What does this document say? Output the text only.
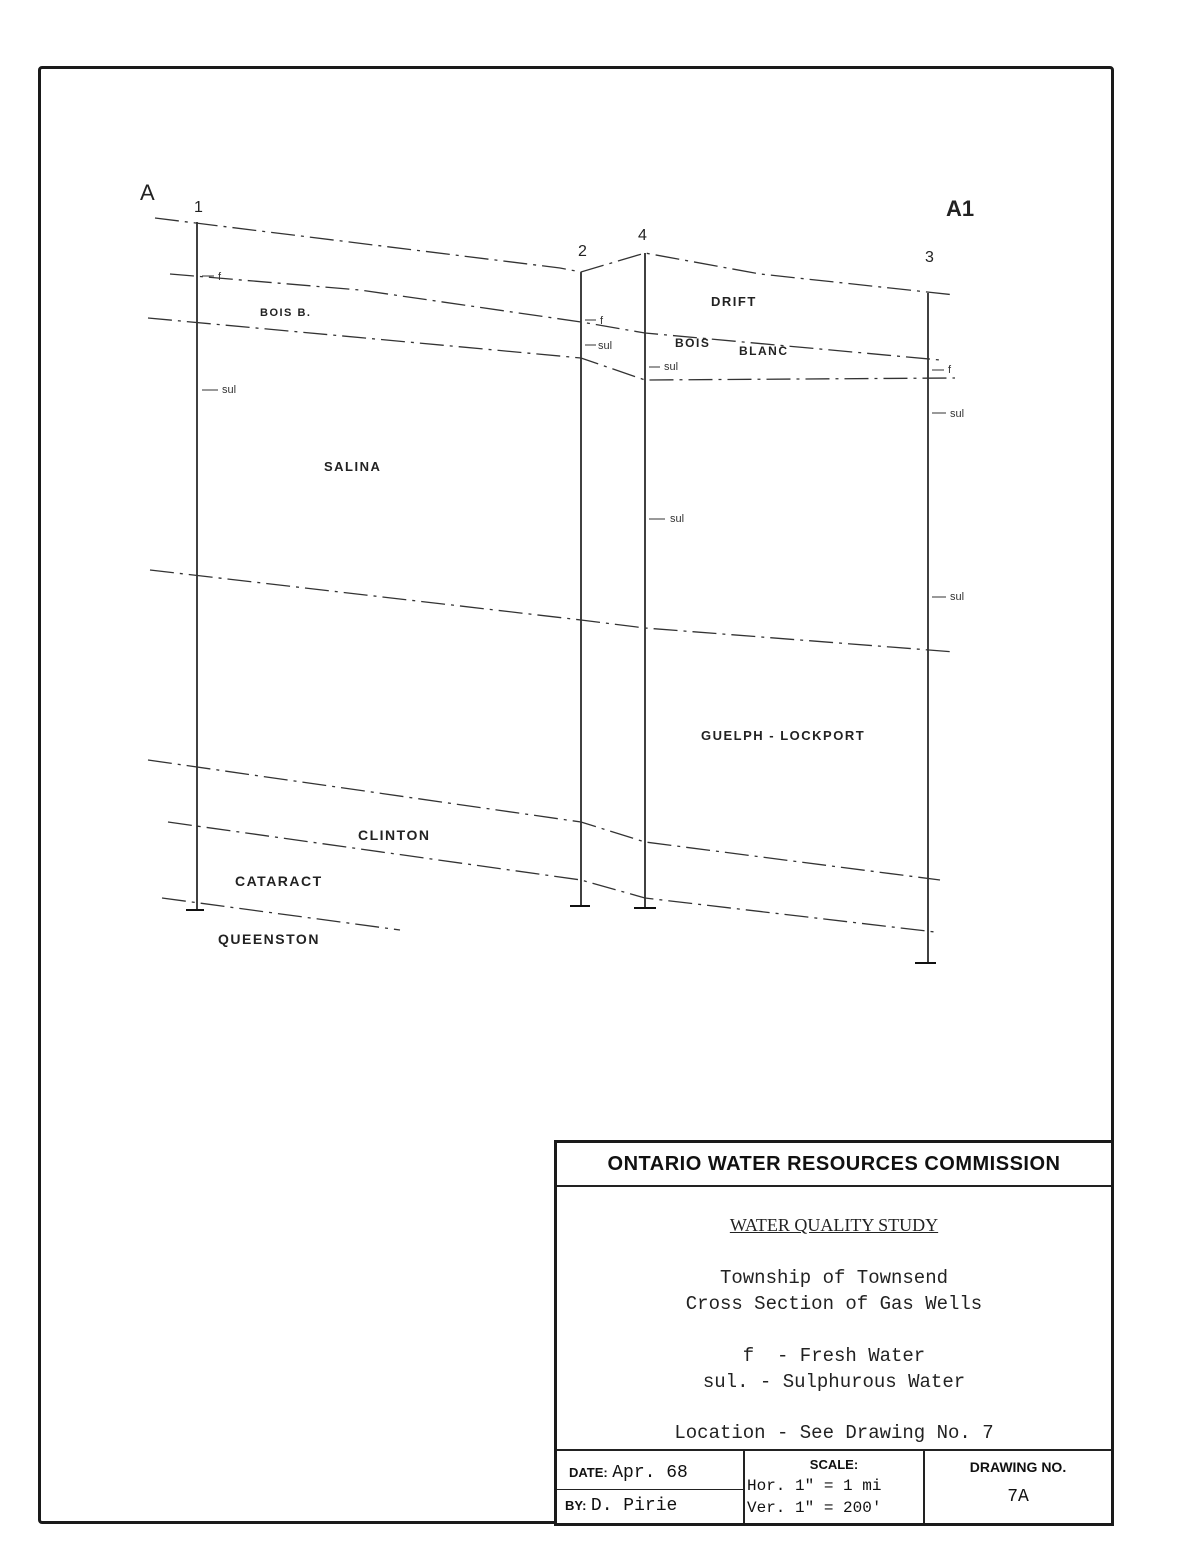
A
A1
1
2
4
3
DRIFT
BOIS B.
BOIS
BLANC
SALINA
GUELPH - LOCKPORT
CLINTON
CATARACT
QUEENSTON
f
sul
f
sul
sul
sul
f
sul
sul
ONTARIO WATER RESOURCES COMMISSION
WATER QUALITY STUDY
Township of Townsend
Cross Section of Gas Wells
f  - Fresh Water
sul. - Sulphurous Water
Location - See Drawing No. 7
DATE: Apr. 68
BY: D. Pirie
SCALE:
Hor. 1" = 1 mi
Ver. 1" = 200'
DRAWING NO.
7A
